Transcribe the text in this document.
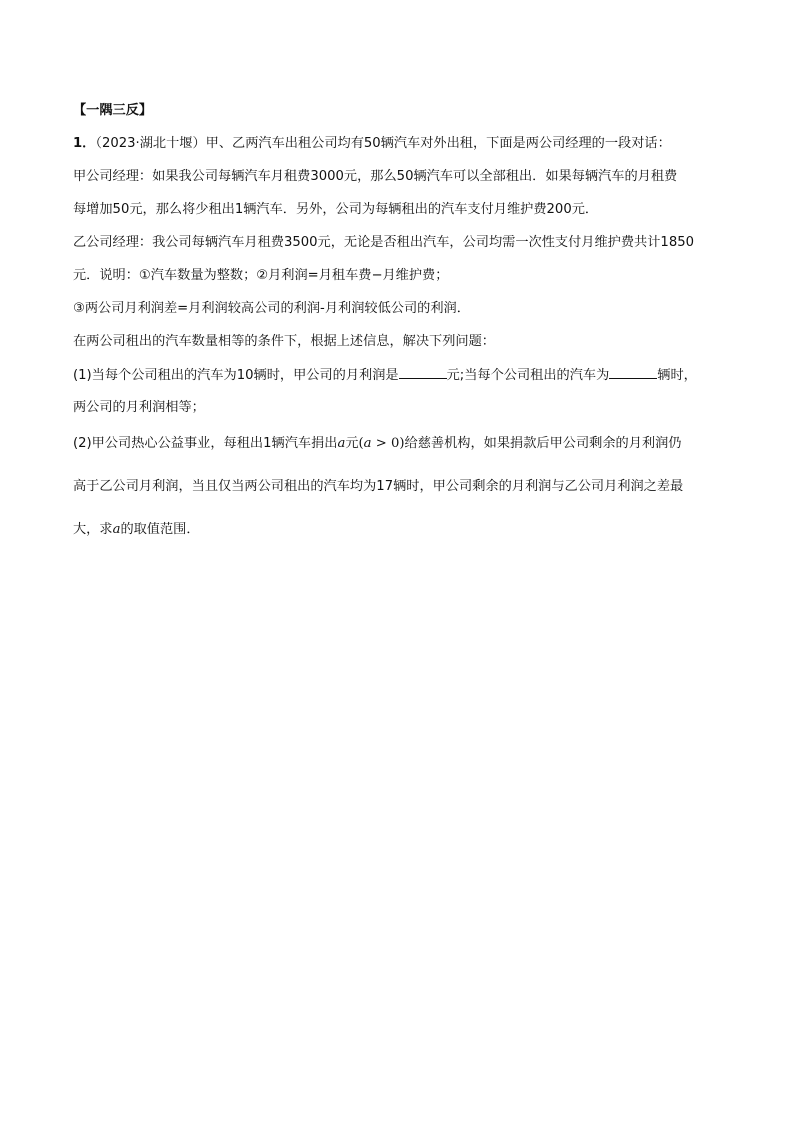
【一隅三反】
1．（2023·湖北十堰）甲、乙两汽车出租公司均有50辆汽车对外出租，下面是两公司经理的一段对话：
甲公司经理：如果我公司每辆汽车月租费3000元，那么50辆汽车可以全部租出．如果每辆汽车的月租费
每增加50元，那么将少租出1辆汽车．另外，公司为每辆租出的汽车支付月维护费200元．
乙公司经理：我公司每辆汽车月租费3500元，无论是否租出汽车，公司均需一次性支付月维护费共计1850
元．说明：①汽车数量为整数；②月利润=月租车费−月维护费；
③两公司月利润差=月利润较高公司的利润-月利润较低公司的利润．
在两公司租出的汽车数量相等的条件下，根据上述信息，解决下列问题：
(1)当每个公司租出的汽车为10辆时，甲公司的月利润是	元;当每个公司租出的汽车为	辆时，
两公司的月利润相等；
(2)甲公司热心公益事业，每租出1辆汽车捐出a元(a > 0)给慈善机构，如果捐款后甲公司剩余的月利润仍
高于乙公司月利润，当且仅当两公司租出的汽车均为17辆时，甲公司剩余的月利润与乙公司月利润之差最
大，求a的取值范围．
